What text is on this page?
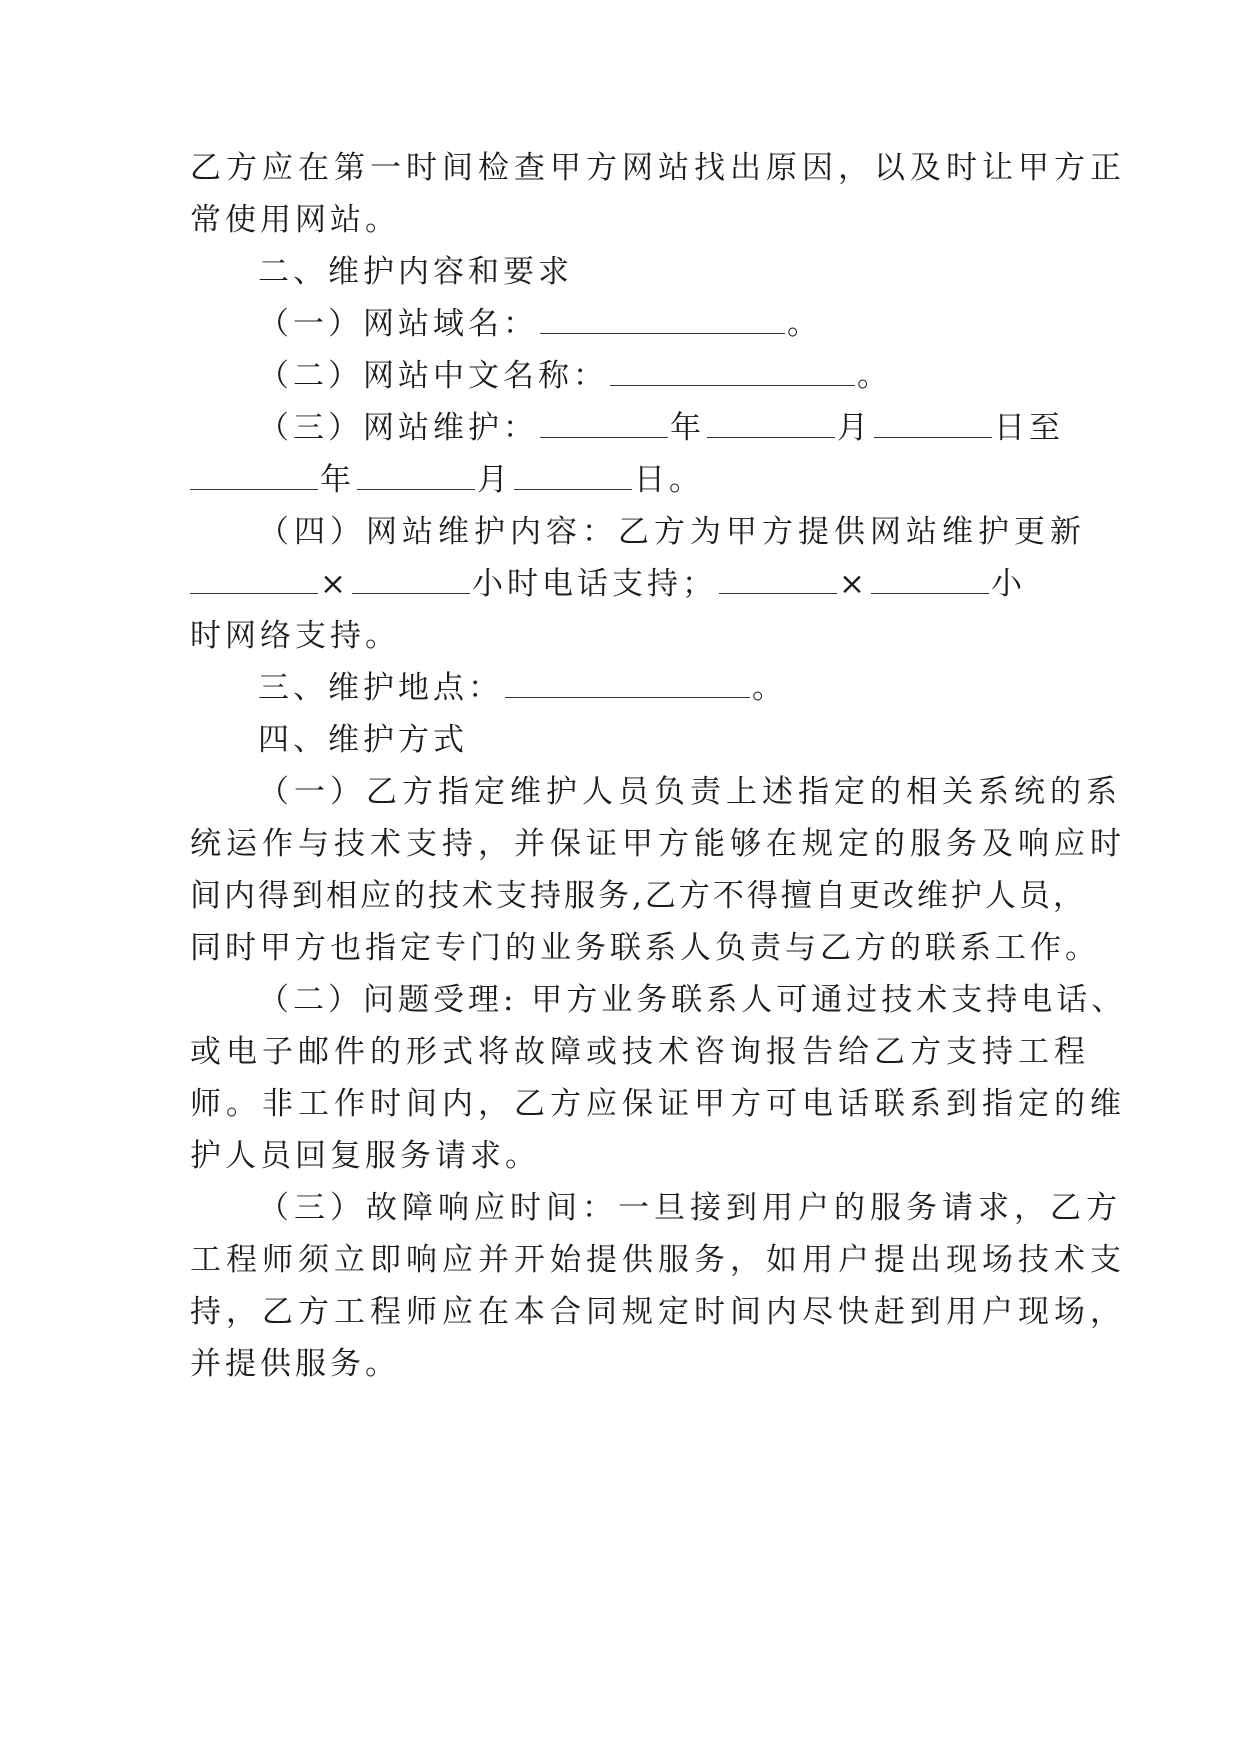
乙方应在第一时间检查甲方网站找出原因，以及时让甲方正
常使用网站。
二、维护内容和要求
（一）网站域名：	。
（二）网站中文名称：	。
（三）网站维护：	年	月	日至
年	月	日。
（四）网站维护内容：乙方为甲方提供网站维护更新
×	小时电话支持；	×	小
时网络支持。
三、维护地点：	。
四、维护方式
（一）乙方指定维护人员负责上述指定的相关系统的系
统运作与技术支持，并保证甲方能够在规定的服务及响应时
间内得到相应的技术支持服务,乙方不得擅自更改维护人员，
同时甲方也指定专门的业务联系人负责与乙方的联系工作。
（二）问题受理: 甲方业务联系人可通过技术支持电话、
或电子邮件的形式将故障或技术咨询报告给乙方支持工程
师。非工作时间内，乙方应保证甲方可电话联系到指定的维
护人员回复服务请求。
（三）故障响应时间：一旦接到用户的服务请求，乙方
工程师须立即响应并开始提供服务，如用户提出现场技术支
持，乙方工程师应在本合同规定时间内尽快赶到用户现场，
并提供服务。
